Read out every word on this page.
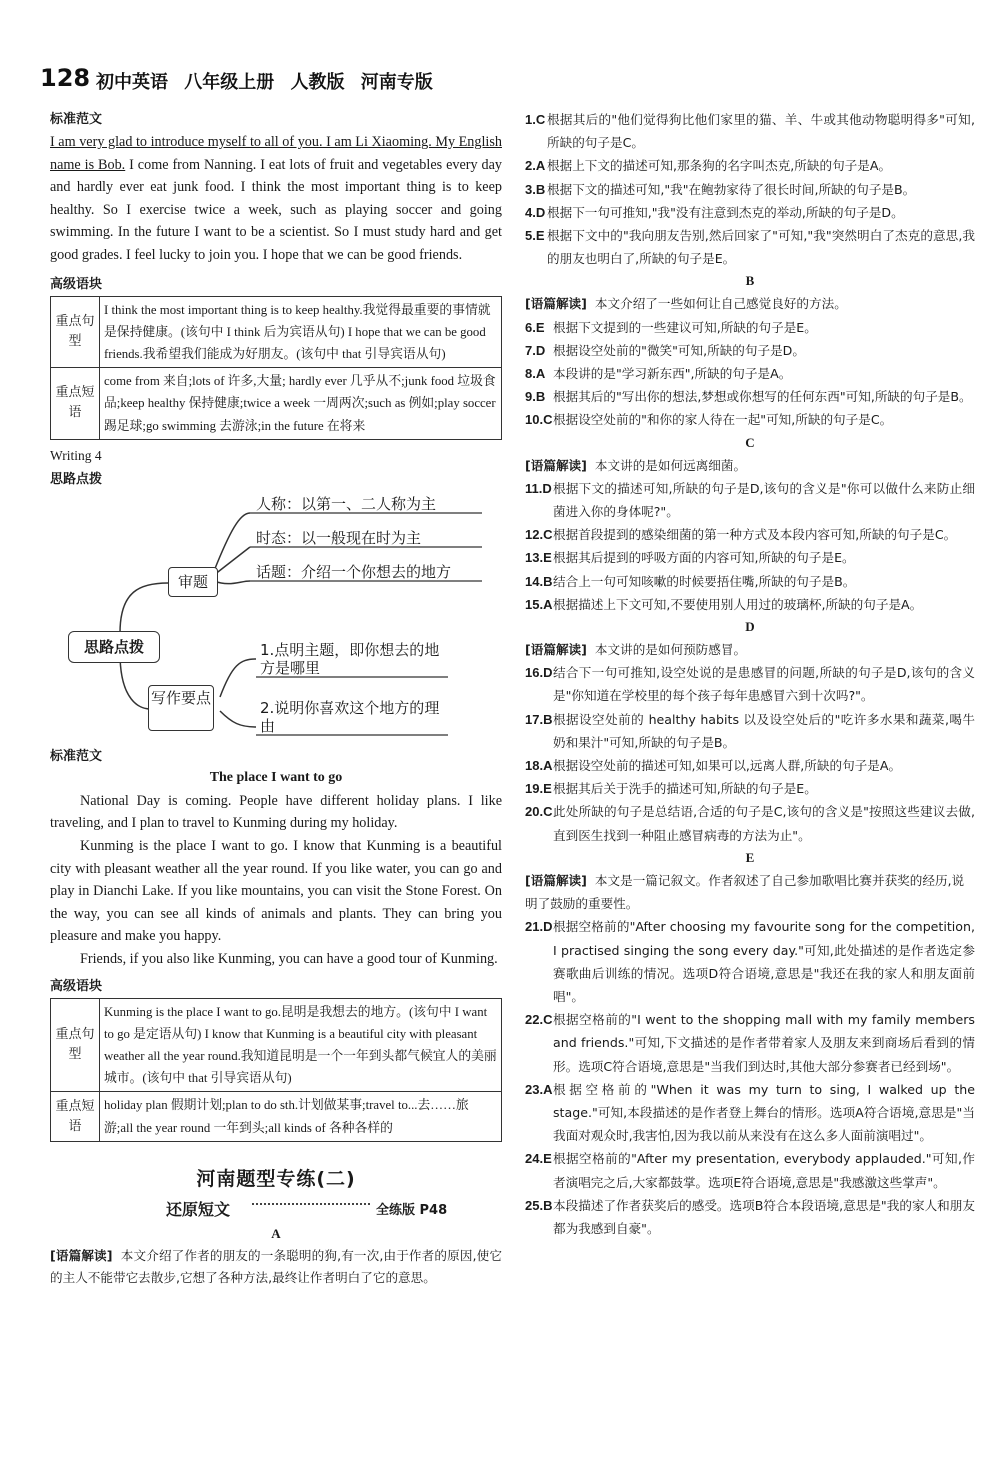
128 初中英语 八年级上册 人教版 河南专版
标准范文

I am very glad to introduce myself to all of you. I am Li Xiaoming. My English name is Bob. I come from Nanning. I eat lots of fruit and vegetables every day and hardly ever eat junk food. I think the most important thing is to keep healthy. So I exercise twice a week, such as playing soccer and going swimming. In the future I want to be a scientist. So I must study hard and get good grades. I feel lucky to join you. I hope that we can be good friends.

高级语块
重点句型	I think the most important thing is to keep healthy.我觉得最重要的事情就是保持健康。(该句中 I think 后为宾语从句) I hope that we can be good friends.我希望我们能成为好朋友。(该句中 that 引导宾语从句)
重点短语	come from 来自;lots of 许多,大量; hardly ever 几乎从不;junk food 垃圾食品;keep healthy 保持健康;twice a week 一周两次;such as 例如;play soccer 踢足球;go swimming 去游泳;in the future 在将来
Writing 4
思路点拨
思路点拨
审题
人称：以第一、二人称为主
时态：以一般现在时为主
话题：介绍一个你想去的地方
写作要点
1.点明主题，即你想去的地方是哪里
2.说明你喜欢这个地方的理由
标准范文
The place I want to go

National Day is coming. People have different holiday plans. I like traveling, and I plan to travel to Kunming during my holiday.

Kunming is the place I want to go. I know that Kunming is a beautiful city with pleasant weather all the year round. If you like water, you can go and play in Dianchi Lake. If you like mountains, you can visit the Stone Forest. On the way, you can see all kinds of animals and plants. They can bring you pleasure and make you happy.

Friends, if you also like Kunming, you can have a good tour of Kunming.

高级语块
重点句型	Kunming is the place I want to go.昆明是我想去的地方。(该句中 I want to go 是定语从句) I know that Kunming is a beautiful city with pleasant weather all the year round.我知道昆明是一个一年到头都气候宜人的美丽城市。(该句中 that 引导宾语从句)
重点短语	holiday plan 假期计划;plan to do sth.计划做某事;travel to...去……旅游;all the year round 一年到头;all kinds of 各种各样的
河南题型专练(二)
还原短文	全练版 P48
A

[语篇解读] 本文介绍了作者的朋友的一条聪明的狗,有一次,由于作者的原因,使它的主人不能带它去散步,它想了各种方法,最终让作者明白了它的意思。

1.C 根据其后的"他们觉得狗比他们家里的猫、羊、牛或其他动物聪明得多"可知,所缺的句子是C。
2.A 根据上下文的描述可知,那条狗的名字叫杰克,所缺的句子是A。
3.B 根据下文的描述可知,"我"在鲍勃家待了很长时间,所缺的句子是B。
4.D 根据下一句可推知,"我"没有注意到杰克的举动,所缺的句子是D。
5.E 根据下文中的"我向朋友告别,然后回家了"可知,"我"突然明白了杰克的意思,我的朋友也明白了,所缺的句子是E。
B
[语篇解读] 本文介绍了一些如何让自己感觉良好的方法。
6.E 根据下文提到的一些建议可知,所缺的句子是E。
7.D 根据设空处前的"微笑"可知,所缺的句子是D。
8.A 本段讲的是"学习新东西",所缺的句子是A。
9.B 根据其后的"写出你的想法,梦想或你想写的任何东西"可知,所缺的句子是B。
10.C 根据设空处前的"和你的家人待在一起"可知,所缺的句子是C。
C
[语篇解读] 本文讲的是如何远离细菌。
11.D 根据下文的描述可知,所缺的句子是D,该句的含义是"你可以做什么来防止细菌进入你的身体呢?"。
12.C 根据首段提到的感染细菌的第一种方式及本段内容可知,所缺的句子是C。
13.E 根据其后提到的呼吸方面的内容可知,所缺的句子是E。
14.B 结合上一句可知咳嗽的时候要捂住嘴,所缺的句子是B。
15.A 根据描述上下文可知,不要使用别人用过的玻璃杯,所缺的句子是A。
D
[语篇解读] 本文讲的是如何预防感冒。
16.D 结合下一句可推知,设空处说的是患感冒的问题,所缺的句子是D,该句的含义是"你知道在学校里的每个孩子每年患感冒六到十次吗?"。
17.B 根据设空处前的 healthy habits 以及设空处后的"吃许多水果和蔬菜,喝牛奶和果汁"可知,所缺的句子是B。
18.A 根据设空处前的描述可知,如果可以,远离人群,所缺的句子是A。
19.E 根据其后关于洗手的描述可知,所缺的句子是E。
20.C 此处所缺的句子是总结语,合适的句子是C,该句的含义是"按照这些建议去做,直到医生找到一种阻止感冒病毒的方法为止"。
E
[语篇解读] 本文是一篇记叙文。作者叙述了自己参加歌唱比赛并获奖的经历,说明了鼓励的重要性。
21.D 根据空格前的"After choosing my favourite song for the competition, I practised singing the song every day."可知,此处描述的是作者选定参赛歌曲后训练的情况。选项D符合语境,意思是"我还在我的家人和朋友面前唱"。
22.C 根据空格前的"I went to the shopping mall with my family members and friends."可知,下文描述的是作者带着家人及朋友来到商场后看到的情形。选项C符合语境,意思是"当我们到达时,其他大部分参赛者已经到场"。
23.A 根据空格前的"When it was my turn to sing, I walked up the stage."可知,本段描述的是作者登上舞台的情形。选项A符合语境,意思是"当我面对观众时,我害怕,因为我以前从来没有在这么多人面前演唱过"。
24.E 根据空格前的"After my presentation, everybody applauded."可知,作者演唱完之后,大家都鼓掌。选项E符合语境,意思是"我感激这些掌声"。
25.B 本段描述了作者获奖后的感受。选项B符合本段语境,意思是"我的家人和朋友都为我感到自豪"。
